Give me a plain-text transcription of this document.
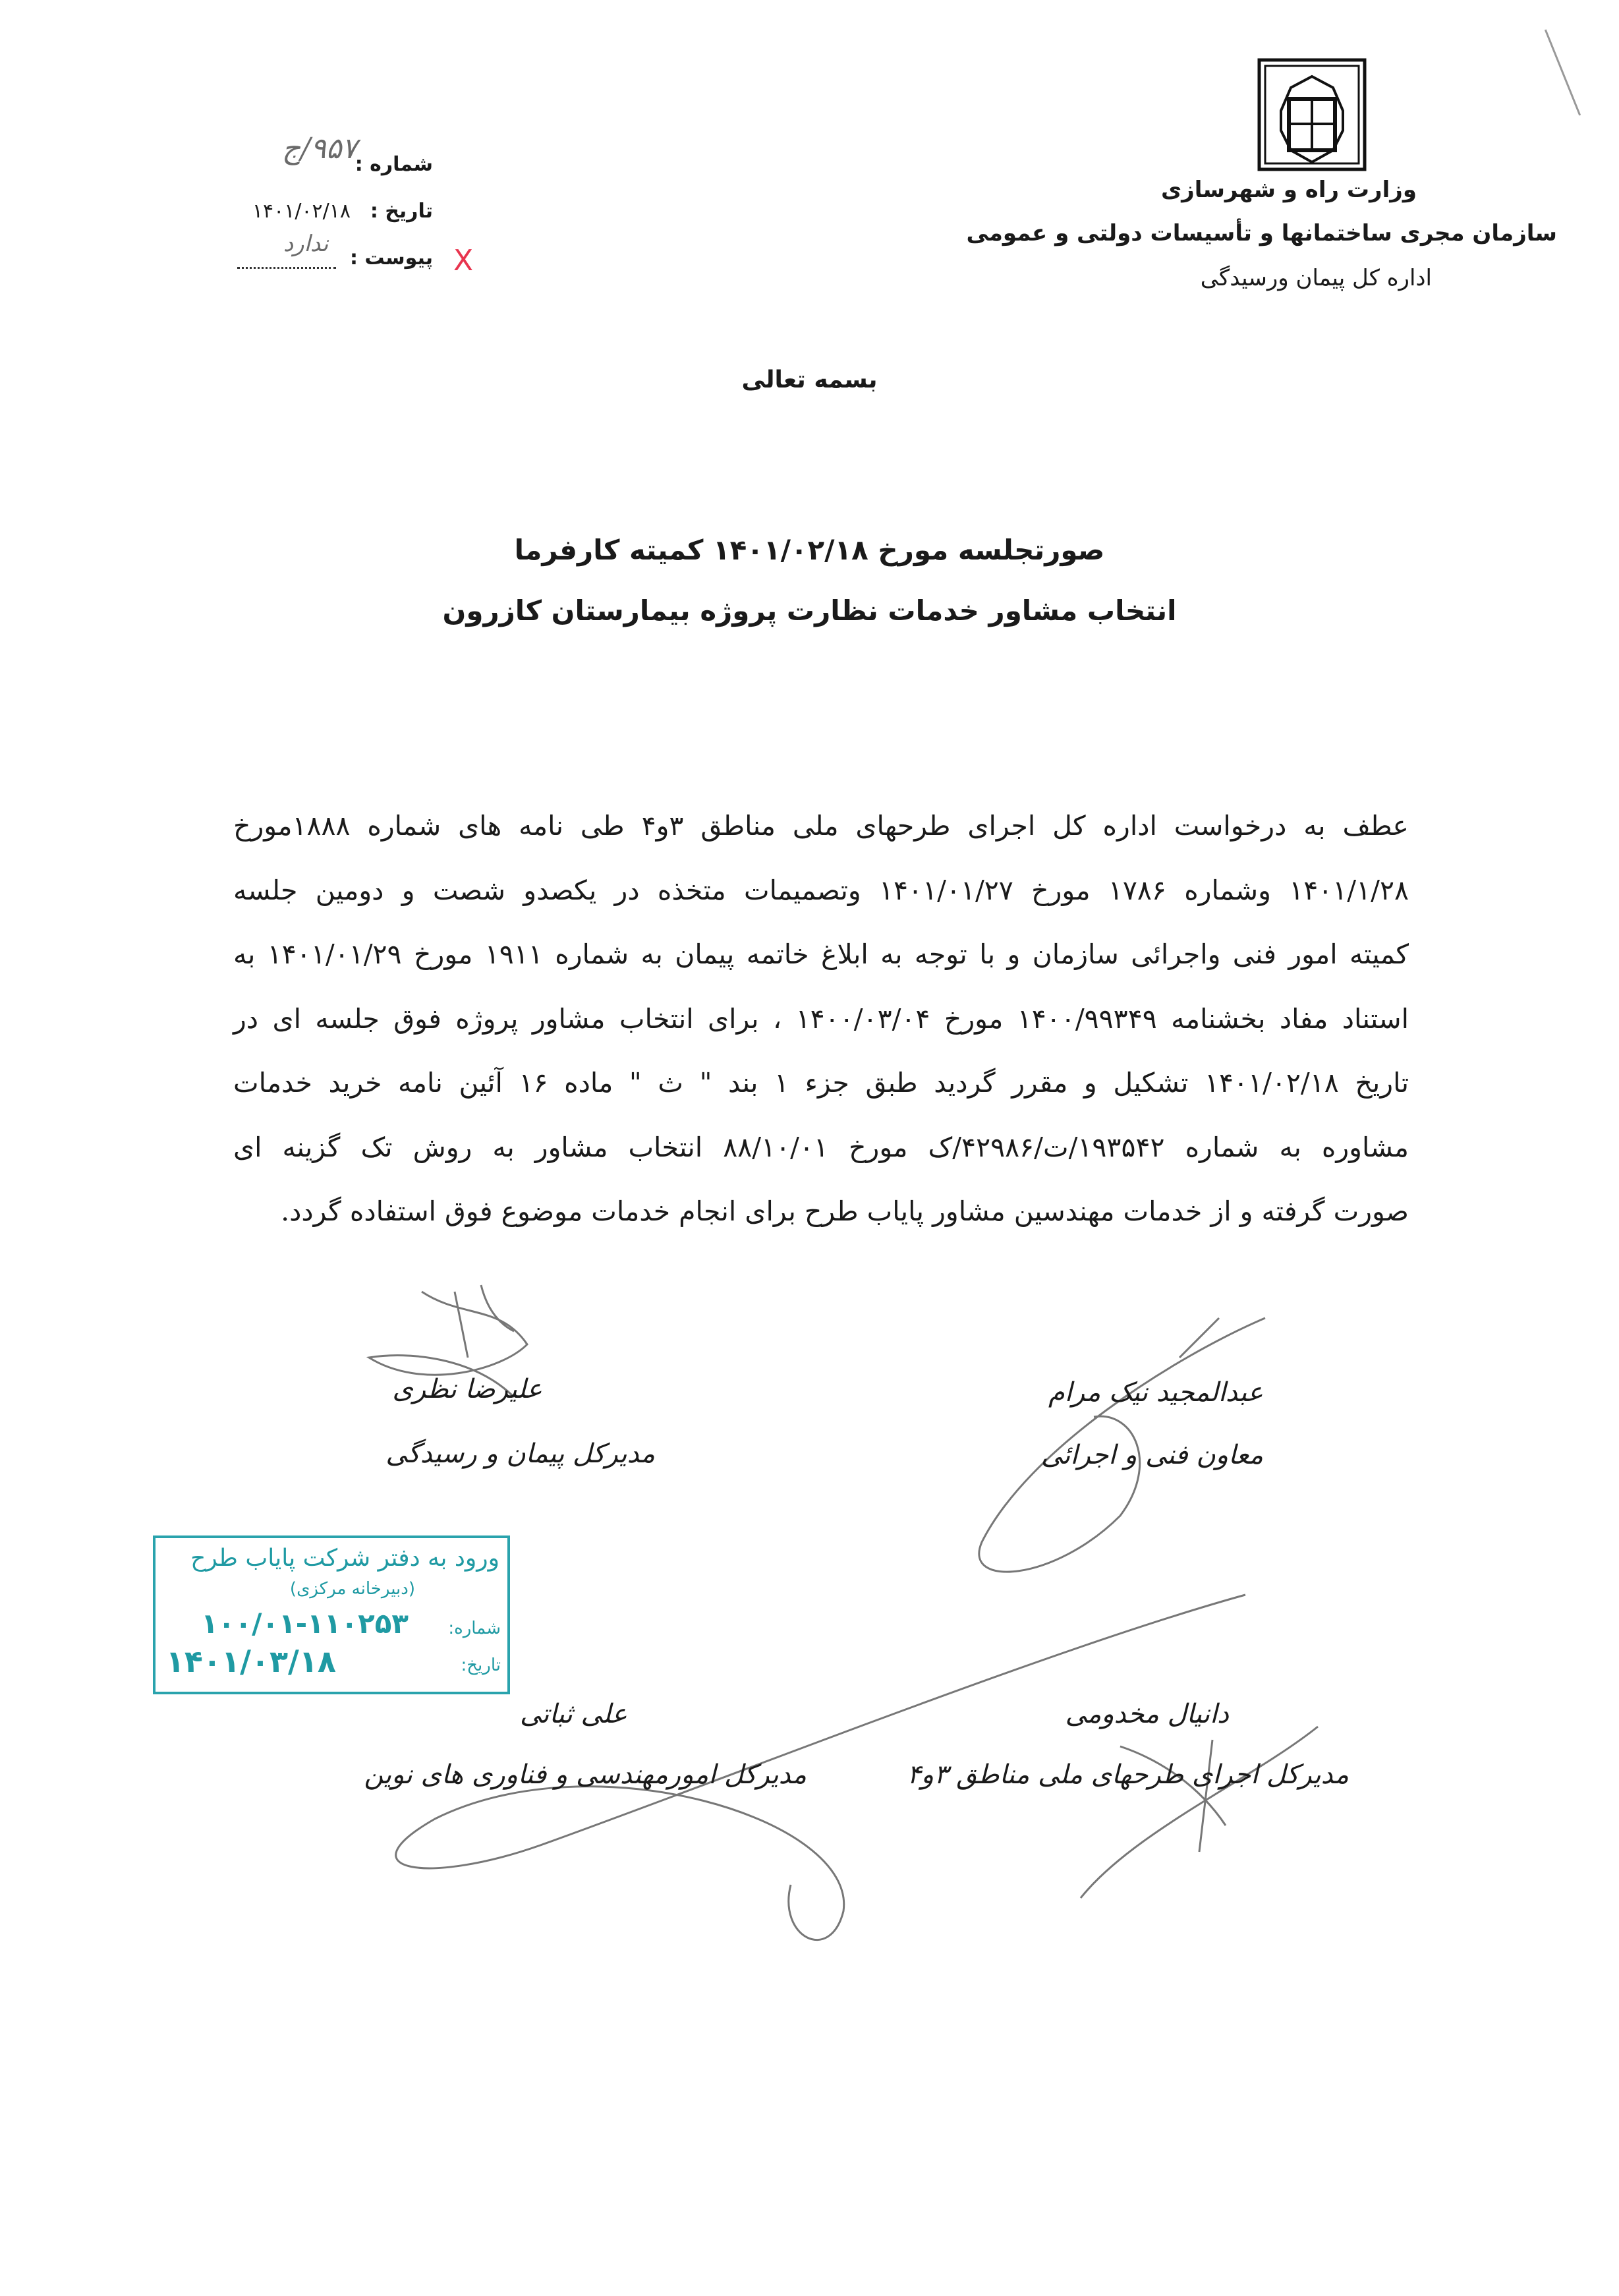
وزارت راه و شهرسازی
سازمان مجری ساختمانها و تأسیسات دولتی و عمومی
اداره کل پیمان ورسیدگی
شماره :
۹۵۷/ج
تاریخ :
۱۴۰۱/۰۲/۱۸
X
پیوست :
ندارد
بسمه تعالی
صورتجلسه مورخ ۱۴۰۱/۰۲/۱۸ کمیته کارفرما
انتخاب مشاور خدمات نظارت پروژه بیمارستان کازرون
عطف به درخواست اداره کل اجرای طرحهای ملی مناطق ۳و۴ طی نامه های شماره ۱۸۸۸مورخ
۱۴۰۱/۱/۲۸ وشماره ۱۷۸۶ مورخ ۱۴۰۱/۰۱/۲۷ وتصمیمات متخذه در یکصدو شصت و دومین جلسه
کمیته امور فنی واجرائی سازمان و با توجه به ابلاغ خاتمه پیمان به شماره ۱۹۱۱ مورخ ۱۴۰۱/۰۱/۲۹ به
استناد مفاد بخشنامه ۱۴۰۰/۹۹۳۴۹ مورخ ۱۴۰۰/۰۳/۰۴ ، برای انتخاب مشاور پروژه فوق جلسه ای در
تاریخ ۱۴۰۱/۰۲/۱۸ تشکیل و مقرر گردید طبق جزء ۱ بند " ث " ماده ۱۶ آئین نامه خرید خدمات
مشاوره به شماره ۱۹۳۵۴۲/ت/۴۲۹۸۶/ک مورخ ۸۸/۱۰/۰۱ انتخاب مشاور به روش تک گزینه ای
صورت گرفته و از خدمات مهندسین مشاور پایاب طرح برای انجام خدمات موضوع فوق استفاده گردد.
عبدالمجید نیک مرام
معاون فنی و اجرائی
علیرضا نظری
مدیرکل پیمان و رسیدگی
دانیال مخدومی
مدیرکل اجرای طرحهای ملی مناطق ۳و۴
علی ثباتی
مدیرکل امورمهندسی و فناوری های نوین
ورود به دفتر شرکت پایاب طرح
(دبیرخانه مرکزی)
شماره:
۱۰۰/۰۱-۱۱۰۲۵۳
تاریخ:
۱۴۰۱/۰۳/۱۸
